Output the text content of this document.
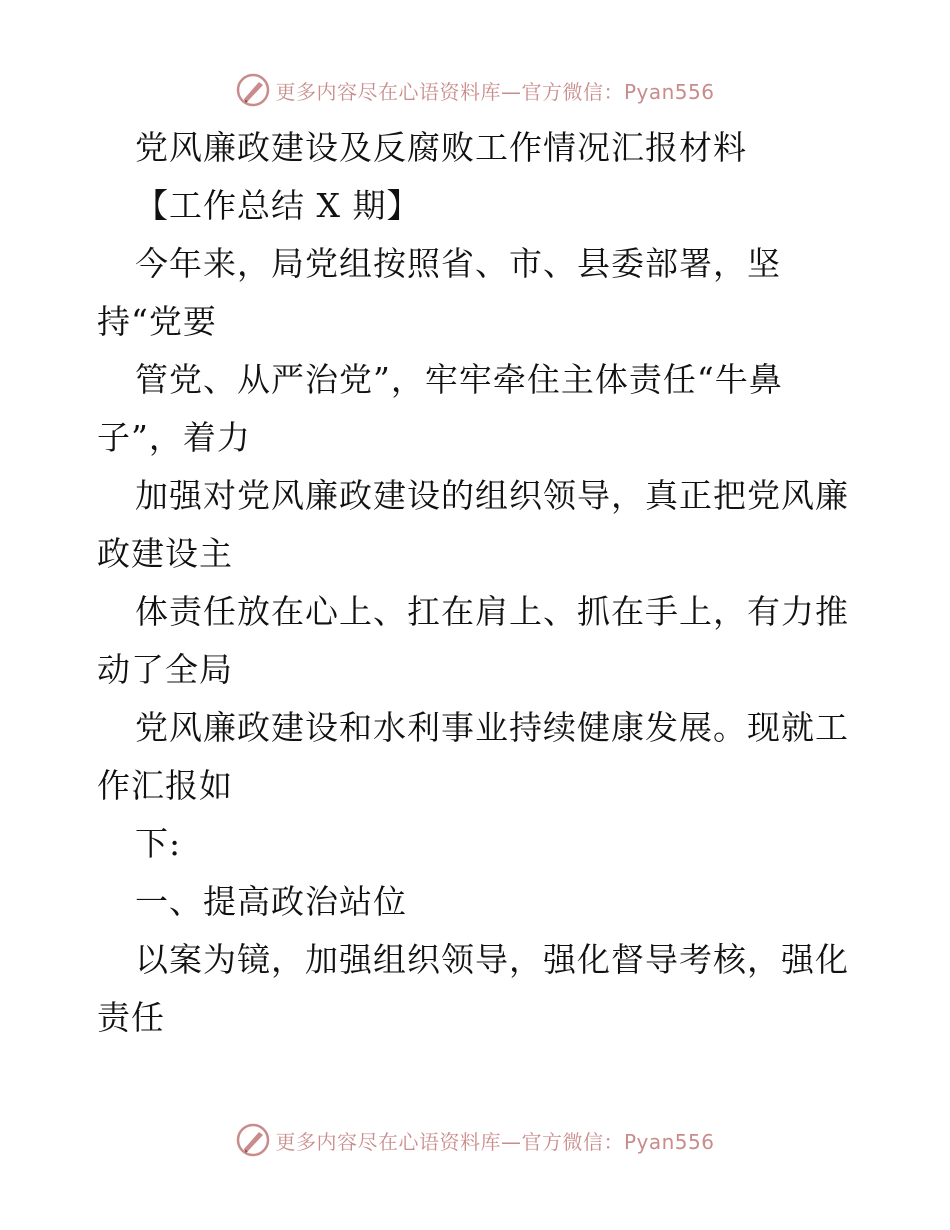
更多内容尽在心语资料库—官方微信：Pyan556
党风廉政建设及反腐败工作情况汇报材料
【工作总结 X 期】
今年来，局党组按照省、市、县委部署，坚
持“党要
管党、从严治党”，牢牢牵住主体责任“牛鼻
子”，着力
加强对党风廉政建设的组织领导，真正把党风廉
政建设主
体责任放在心上、扛在肩上、抓在手上，有力推
动了全局
党风廉政建设和水利事业持续健康发展。现就工
作汇报如
下:
一、提高政治站位
以案为镜，加强组织领导，强化督导考核，强化
责任
更多内容尽在心语资料库—官方微信：Pyan556
